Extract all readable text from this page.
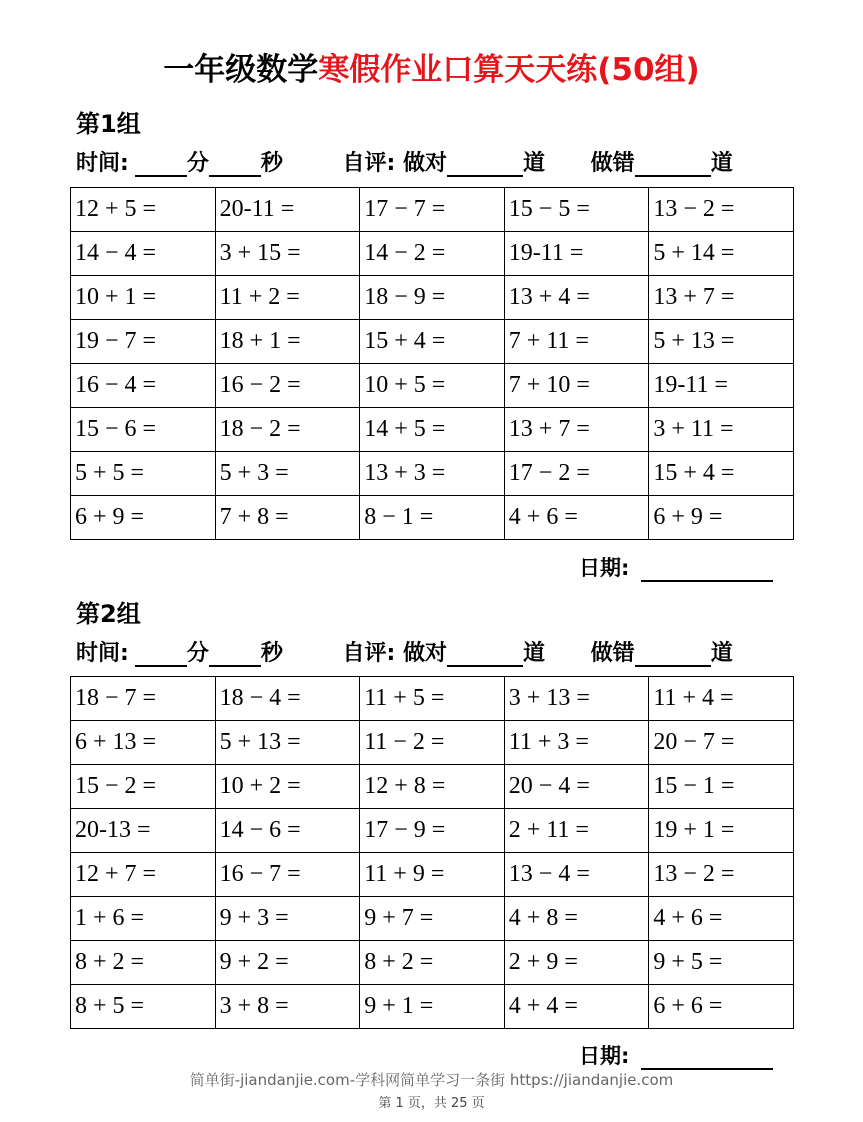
一年级数学寒假作业口算天天练(50组)
第1组
时间:	分 秒	自评: 做对	道 做错	道
12 + 5 =	20-11 =	17 − 7 =	15 − 5 =	13 − 2 =
14 − 4 =	3 + 15 =	14 − 2 =	19-11 =	5 + 14 =
10 + 1 =	11 + 2 =	18 − 9 =	13 + 4 =	13 + 7 =
19 − 7 =	18 + 1 =	15 + 4 =	7 + 11 =	5 + 13 =
16 − 4 =	16 − 2 =	10 + 5 =	7 + 10 =	19-11 =
15 − 6 =	18 − 2 =	14 + 5 =	13 + 7 =	3 + 11 =
5 + 5 =	5 + 3 =	13 + 3 =	17 − 2 =	15 + 4 =
6 + 9 =	7 + 8 =	8 − 1 =	4 + 6 =	6 + 9 =
日期:
第2组
时间:	分 秒	自评: 做对	道 做错	道
18 − 7 =	18 − 4 =	11 + 5 =	3 + 13 =	11 + 4 =
6 + 13 =	5 + 13 =	11 − 2 =	11 + 3 =	20 − 7 =
15 − 2 =	10 + 2 =	12 + 8 =	20 − 4 =	15 − 1 =
20-13 =	14 − 6 =	17 − 9 =	2 + 11 =	19 + 1 =
12 + 7 =	16 − 7 =	11 + 9 =	13 − 4 =	13 − 2 =
1 + 6 =	9 + 3 =	9 + 7 =	4 + 8 =	4 + 6 =
8 + 2 =	9 + 2 =	8 + 2 =	2 + 9 =	9 + 5 =
8 + 5 =	3 + 8 =	9 + 1 =	4 + 4 =	6 + 6 =
日期:
简单街-jiandanjie.com-学科网简单学习一条街 https://jiandanjie.com
第 1 页，共 25 页
